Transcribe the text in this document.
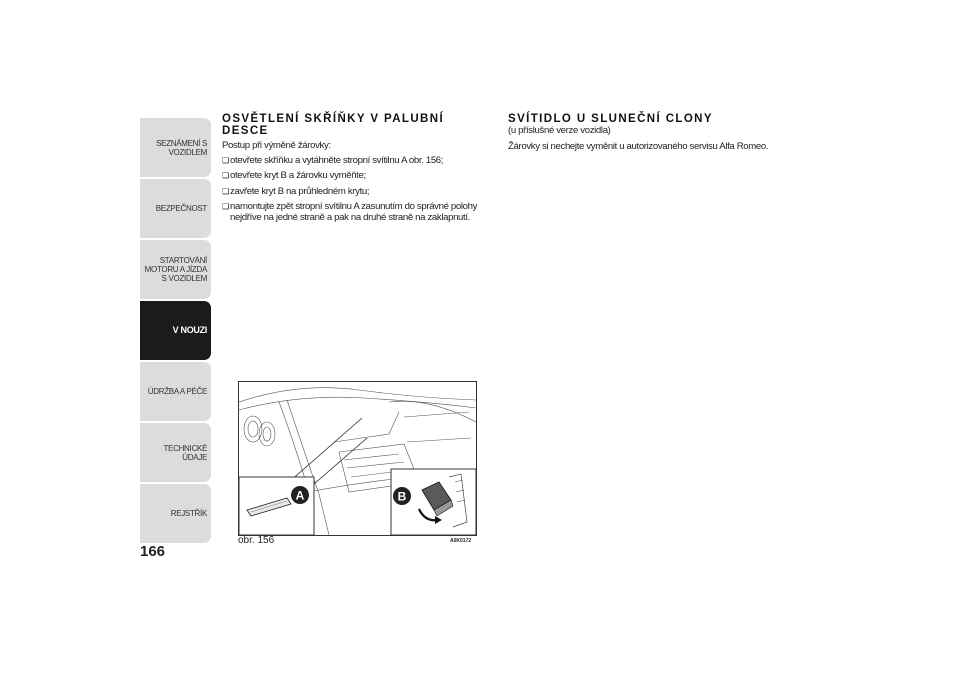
SEZNÁMENÍ S VOZIDLEM
BEZPEČNOST
STARTOVÁNÍ MOTORU A JÍZDA S VOZIDLEM
V NOUZI
ÚDRŽBA A PÉČE
TECHNICKÉ ÚDAJE
REJSTŘÍK
166
OSVĚTLENÍ SKŘÍŇKY V PALUBNÍ DESCE

Postup při výměně žárovky:

❏ otevřete skříňku a vytáhněte stropní svítilnu A obr. 156;

❏ otevřete kryt B a žárovku vyměňte;

❏ zavřete kryt B na průhledném krytu;

❏ namontujte zpět stropní svítilnu A zasunutím do správné polohy nejdříve na jedné straně a pak na druhé straně na zaklapnutí.

SVÍTIDLO U SLUNEČNÍ CLONY

(u příslušné verze vozidla)

Žárovky si nechejte vyměnit u autorizovaného servisu Alfa Romeo.

A	B
obr. 156	A0K0172
